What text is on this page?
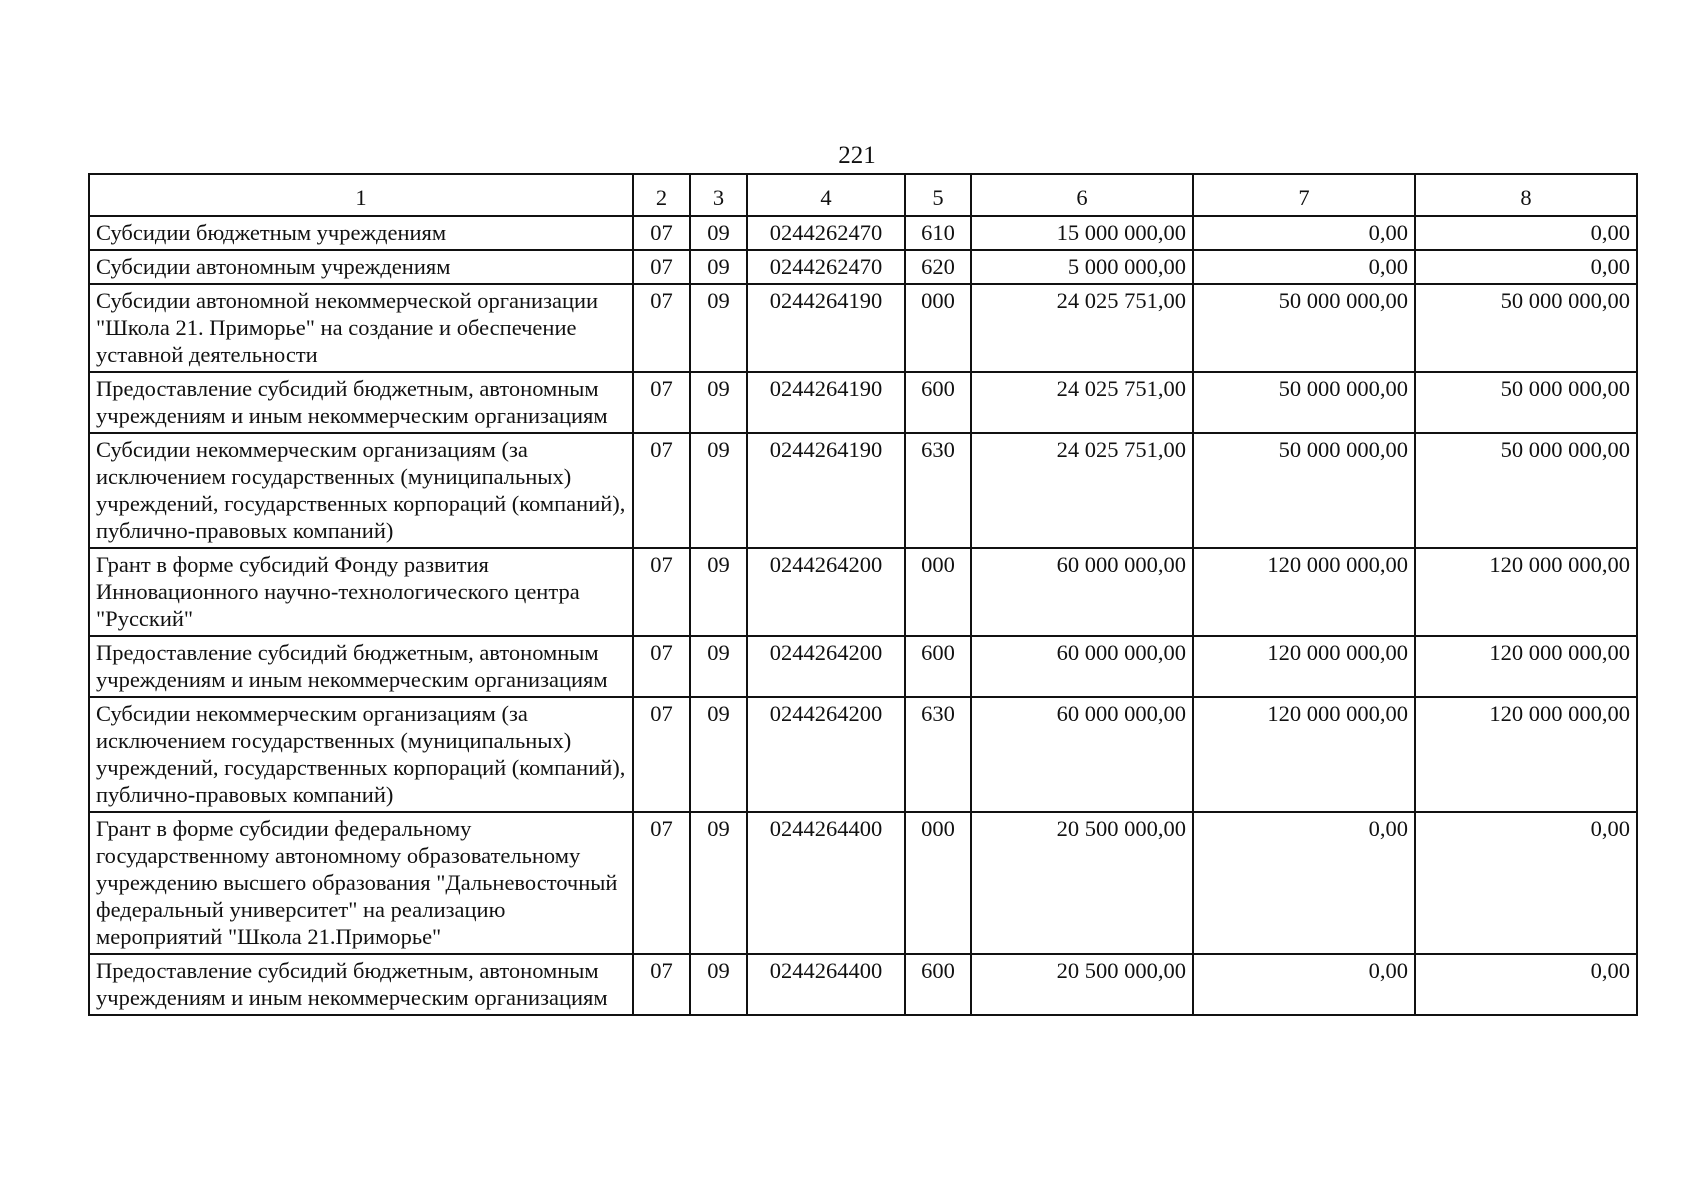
221
1	2	3	4	5	6	7	8
Субсидии бюджетным учреждениям	07	09	0244262470	610	15 000 000,00	0,00	0,00
Субсидии автономным учреждениям	07	09	0244262470	620	5 000 000,00	0,00	0,00
Субсидии автономной некоммерческой организации "Школа 21. Приморье" на создание и обеспечение уставной деятельности	07	09	0244264190	000	24 025 751,00	50 000 000,00	50 000 000,00
Предоставление субсидий бюджетным, автономным учреждениям и иным некоммерческим организациям	07	09	0244264190	600	24 025 751,00	50 000 000,00	50 000 000,00
Субсидии некоммерческим организациям (за исключением государственных (муниципальных) учреждений, государственных корпораций (компаний), публично-правовых компаний)	07	09	0244264190	630	24 025 751,00	50 000 000,00	50 000 000,00
Грант в форме субсидий Фонду развития Инновационного научно-технологического центра "Русский"	07	09	0244264200	000	60 000 000,00	120 000 000,00	120 000 000,00
Предоставление субсидий бюджетным, автономным учреждениям и иным некоммерческим организациям	07	09	0244264200	600	60 000 000,00	120 000 000,00	120 000 000,00
Субсидии некоммерческим организациям (за исключением государственных (муниципальных) учреждений, государственных корпораций (компаний), публично-правовых компаний)	07	09	0244264200	630	60 000 000,00	120 000 000,00	120 000 000,00
Грант в форме субсидии федеральному государственному автономному образовательному учреждению высшего образования "Дальневосточный федеральный университет" на реализацию мероприятий "Школа 21.Приморье"	07	09	0244264400	000	20 500 000,00	0,00	0,00
Предоставление субсидий бюджетным, автономным учреждениям и иным некоммерческим организациям	07	09	0244264400	600	20 500 000,00	0,00	0,00
